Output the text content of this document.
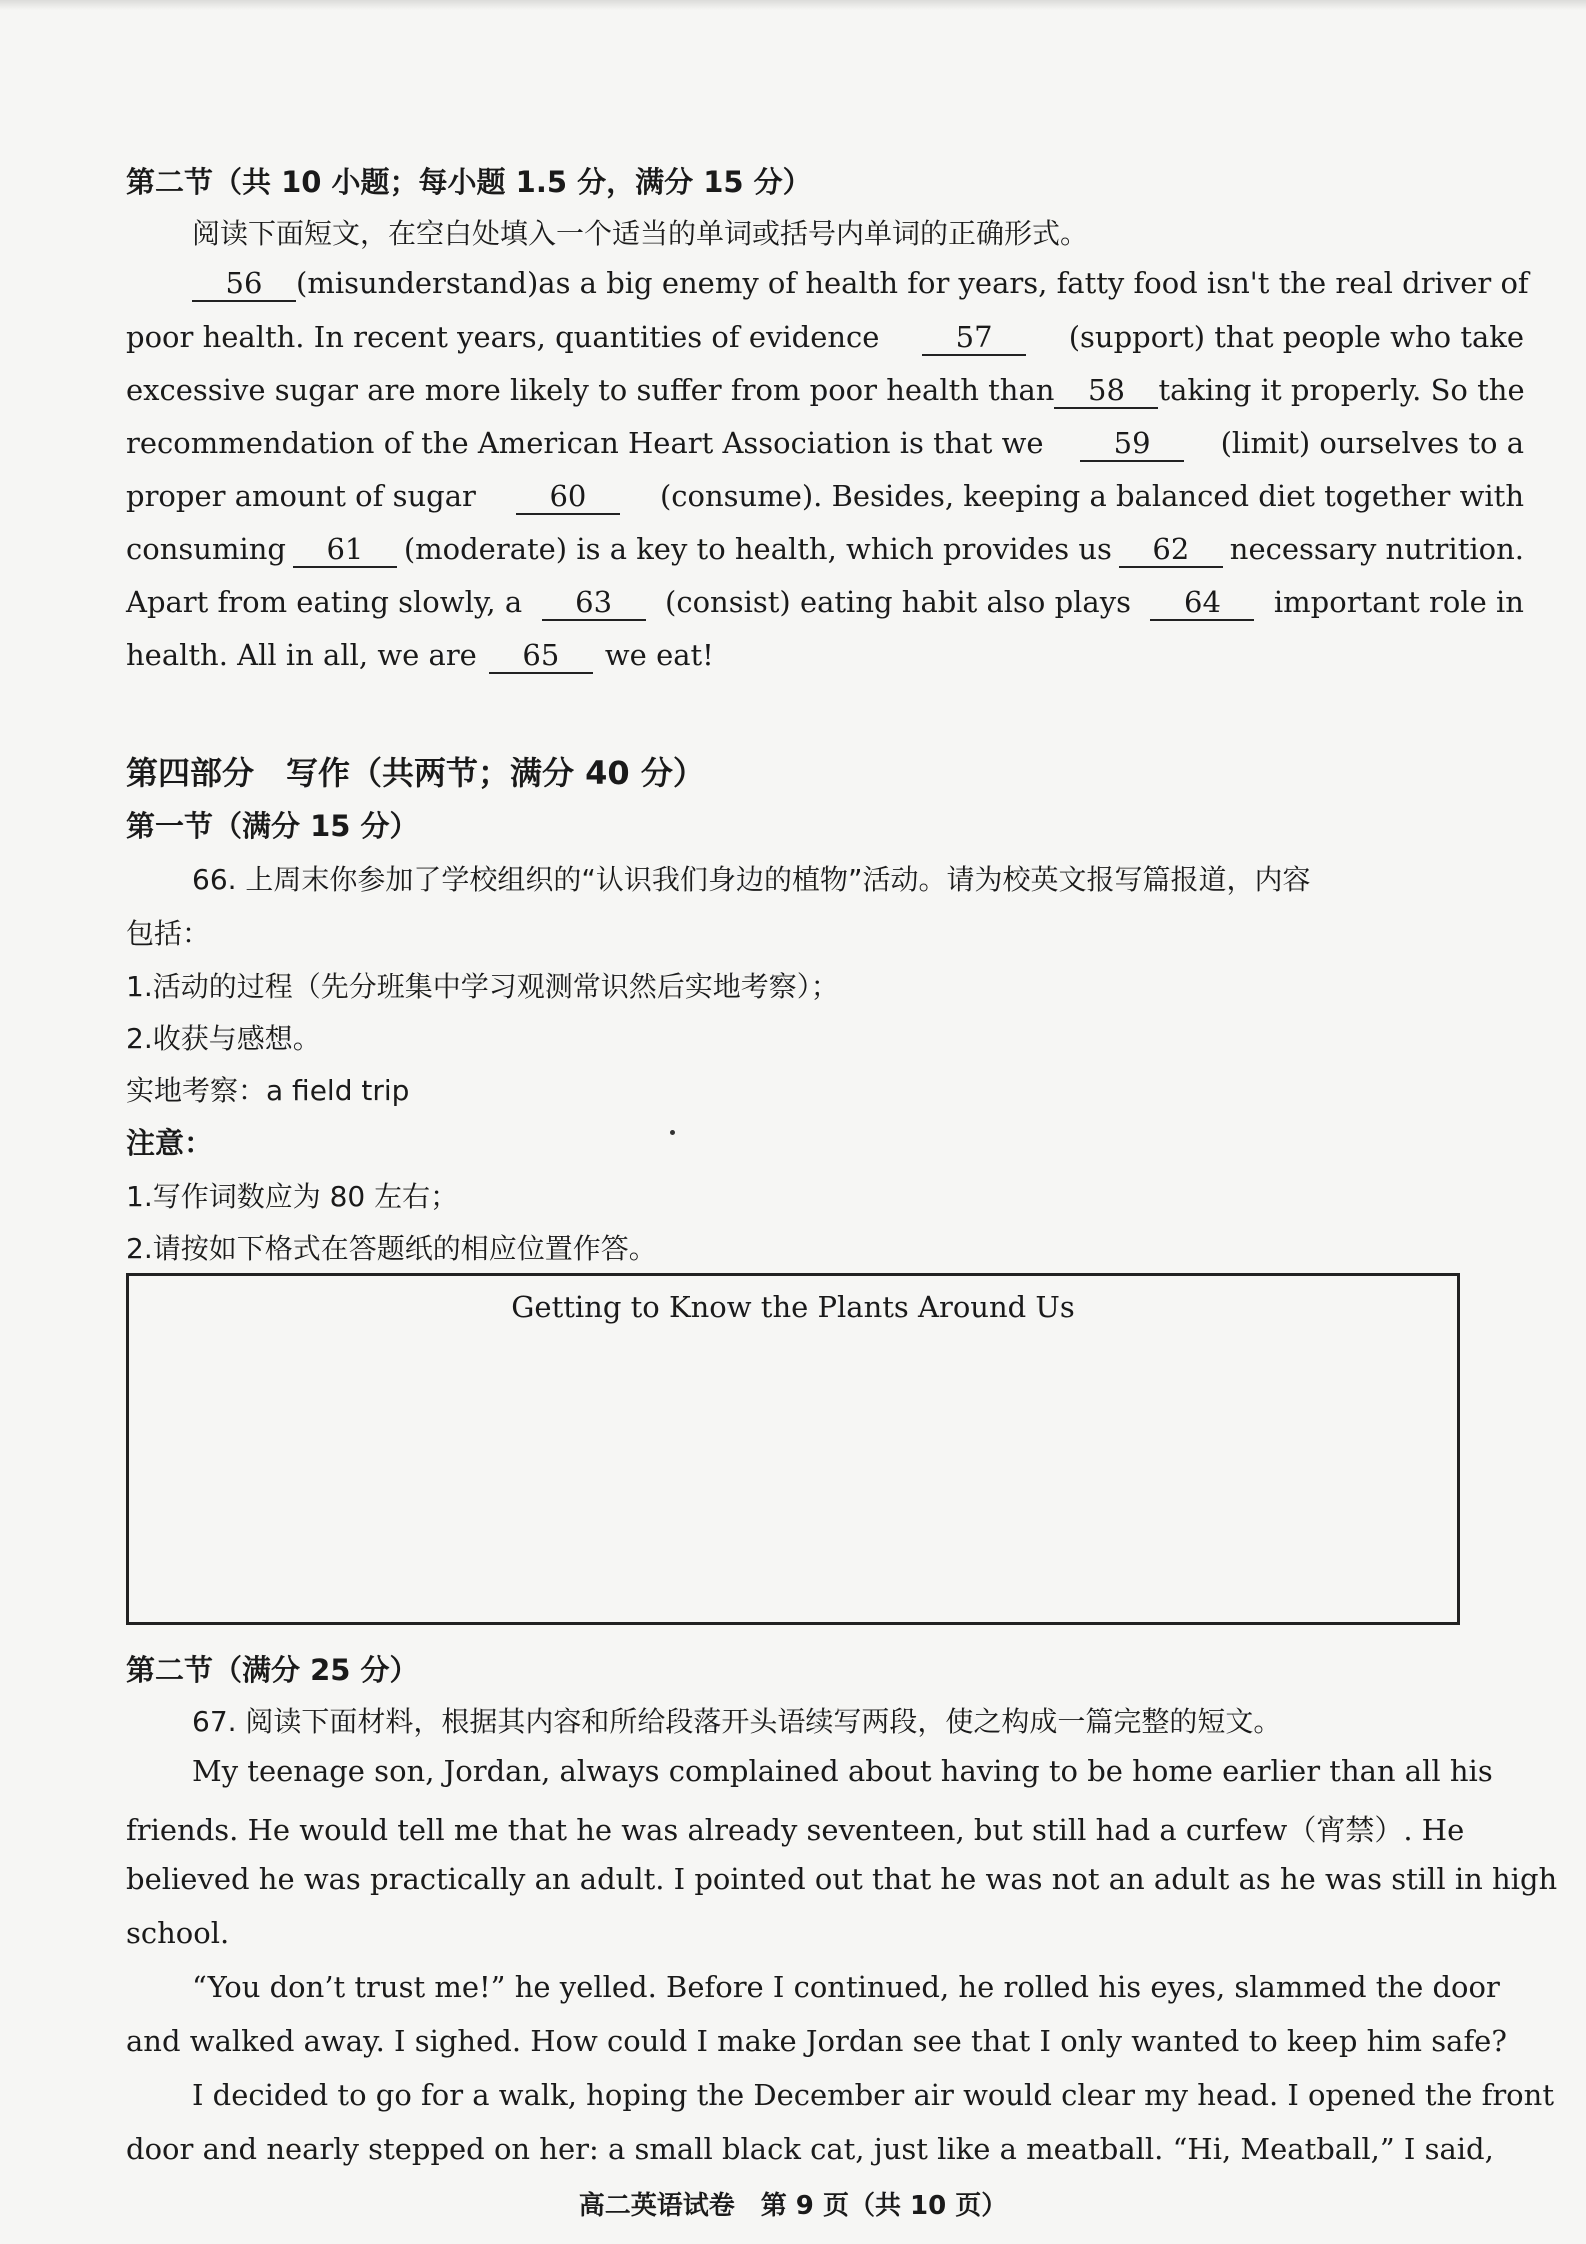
第二节（共 10 小题；每小题 1.5 分，满分 15 分）
阅读下面短文，在空白处填入一个适当的单词或括号内单词的正确形式。
56	(misunderstand)as a big enemy of health for years, fatty food isn't the real driver of
poor health. In recent years, quantities of evidence	57	(support) that people who take
excessive sugar are more likely to suffer from poor health than	58	taking it properly. So the
recommendation of the American Heart Association is that we	59	(limit) ourselves to a
proper amount of sugar	60	(consume). Besides, keeping a balanced diet together with
consuming	61	(moderate) is a key to health, which provides us	62	necessary nutrition.
Apart from eating slowly, a	63	(consist) eating habit also plays	64	important role in
health. All in all, we are	65	we eat!
第四部分　写作（共两节；满分 40 分）
第一节（满分 15 分）
66. 上周末你参加了学校组织的“认识我们身边的植物”活动。请为校英文报写篇报道，内容
包括：
1.活动的过程（先分班集中学习观测常识然后实地考察）；
2.收获与感想。
实地考察：a field trip
注意：
1.写作词数应为 80 左右；
2.请按如下格式在答题纸的相应位置作答。
Getting to Know the Plants Around Us
第二节（满分 25 分）
67. 阅读下面材料，根据其内容和所给段落开头语续写两段，使之构成一篇完整的短文。
My teenage son, Jordan, always complained about having to be home earlier than all his
friends. He would tell me that he was already seventeen, but still had a curfew（宵禁）. He
believed he was practically an adult. I pointed out that he was not an adult as he was still in high
school.
“You don’t trust me!” he yelled. Before I continued, he rolled his eyes, slammed the door
and walked away. I sighed. How could I make Jordan see that I only wanted to keep him safe?
I decided to go for a walk, hoping the December air would clear my head. I opened the front
door and nearly stepped on her: a small black cat, just like a meatball. “Hi, Meatball,” I said,
高二英语试卷　第 9 页（共 10 页）
